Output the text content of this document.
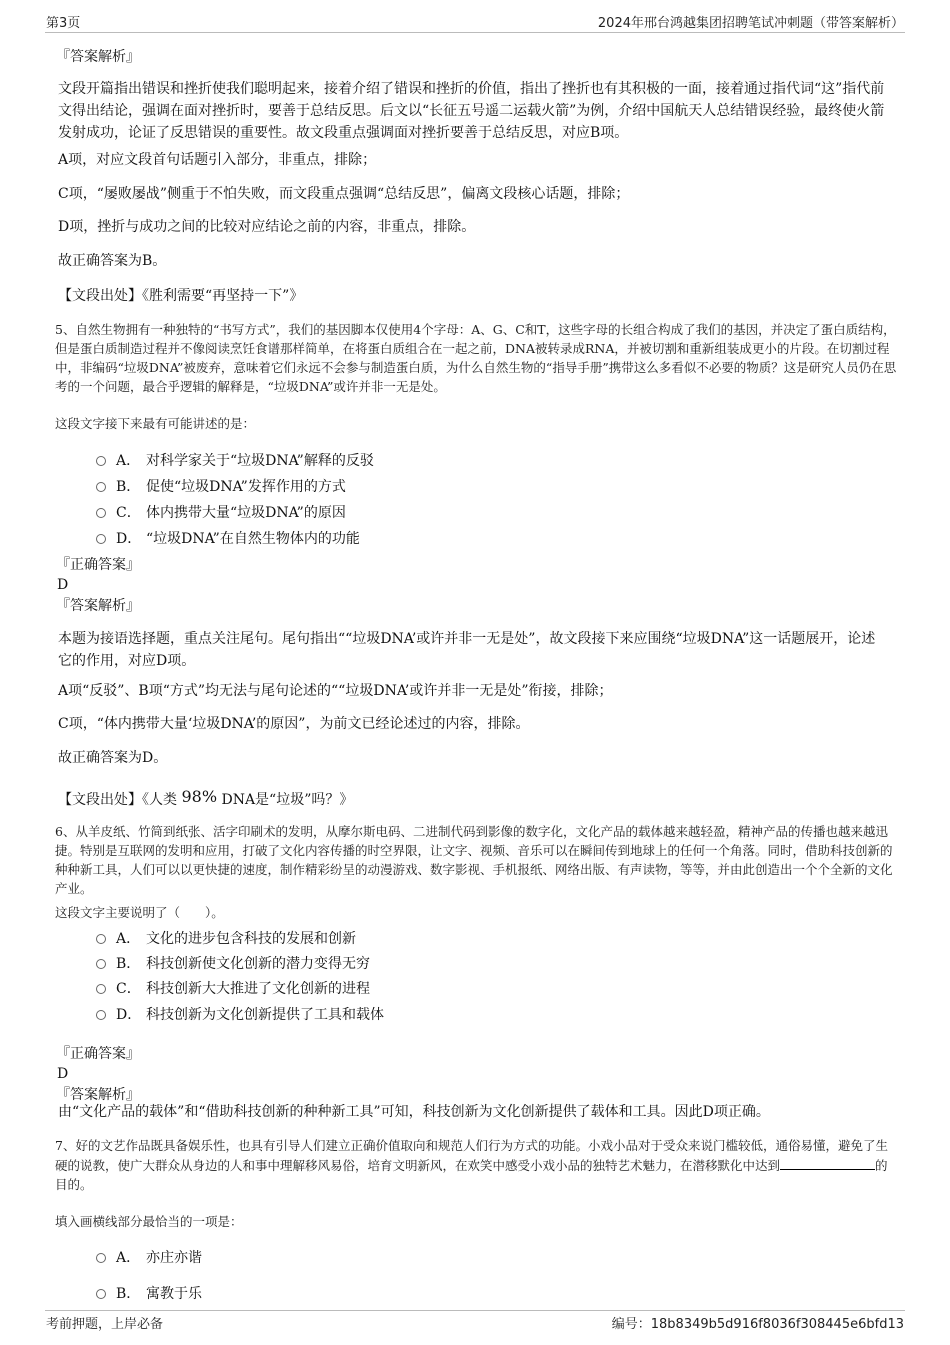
第3页	2024年邢台鸿越集团招聘笔试冲刺题（带答案解析）
『答案解析』
文段开篇指出错误和挫折使我们聪明起来，接着介绍了错误和挫折的价值，指出了挫折也有其积极的一面，接着通过指代词“这”指代前文得出结论，强调在面对挫折时，要善于总结反思。后文以“长征五号遥二运载火箭”为例，介绍中国航天人总结错误经验，最终使火箭发射成功，论证了反思错误的重要性。故文段重点强调面对挫折要善于总结反思，对应B项。
A项，对应文段首句话题引入部分，非重点，排除；
C项，“屡败屡战”侧重于不怕失败，而文段重点强调“总结反思”，偏离文段核心话题，排除；
D项，挫折与成功之间的比较对应结论之前的内容，非重点，排除。
故正确答案为B。
【文段出处】《胜利需要“再坚持一下”》
5、自然生物拥有一种独特的“书写方式”，我们的基因脚本仅使用4个字母：A、G、C和T，这些字母的长组合构成了我们的基因，并决定了蛋白质结构，但是蛋白质制造过程并不像阅读烹饪食谱那样简单，在将蛋白质组合在一起之前，DNA被转录成RNA，并被切割和重新组装成更小的片段。在切割过程中，非编码“垃圾DNA”被废弃，意味着它们永远不会参与制造蛋白质，为什么自然生物的“指导手册”携带这么多看似不必要的物质？这是研究人员仍在思考的一个问题，最合乎逻辑的解释是，“垃圾DNA”或许并非一无是处。
这段文字接下来最有可能讲述的是：
A． 对科学家关于“垃圾DNA”解释的反驳
B． 促使“垃圾DNA”发挥作用的方式
C． 体内携带大量“垃圾DNA”的原因
D． “垃圾DNA”在自然生物体内的功能
『正确答案』
D
『答案解析』
本题为接语选择题，重点关注尾句。尾句指出““垃圾DNA’或许并非一无是处”，故文段接下来应围绕“垃圾DNA”这一话题展开，论述它的作用，对应D项。
A项“反驳”、B项“方式”均无法与尾句论述的““垃圾DNA’或许并非一无是处”衔接，排除；
C项，“体内携带大量‘垃圾DNA’的原因”，为前文已经论述过的内容，排除。
故正确答案为D。
【文段出处】《人类 98% DNA是“垃圾”吗？》
6、从羊皮纸、竹简到纸张、活字印刷术的发明，从摩尔斯电码、二进制代码到影像的数字化，文化产品的载体越来越轻盈，精神产品的传播也越来越迅捷。特别是互联网的发明和应用，打破了文化内容传播的时空界限，让文字、视频、音乐可以在瞬间传到地球上的任何一个角落。同时，借助科技创新的种种新工具，人们可以以更快捷的速度，制作精彩纷呈的动漫游戏、数字影视、手机报纸、网络出版、有声读物，等等，并由此创造出一个个全新的文化产业。
这段文字主要说明了（　　）。
A． 文化的进步包含科技的发展和创新
B． 科技创新使文化创新的潜力变得无穷
C． 科技创新大大推进了文化创新的进程
D． 科技创新为文化创新提供了工具和载体
『正确答案』
D
『答案解析』
由“文化产品的载体”和“借助科技创新的种种新工具”可知，科技创新为文化创新提供了载体和工具。因此D项正确。
7、好的文艺作品既具备娱乐性，也具有引导人们建立正确价值取向和规范人们行为方式的功能。小戏小品对于受众来说门槛较低，通俗易懂，避免了生硬的说教，使广大群众从身边的人和事中理解移风易俗，培育文明新风，在欢笑中感受小戏小品的独特艺术魅力，在潜移默化中达到	的目的。
填入画横线部分最恰当的一项是：
A． 亦庄亦谐
B． 寓教于乐
考前押题，上岸必备	编号：18b8349b5d916f8036f308445e6bfd13
